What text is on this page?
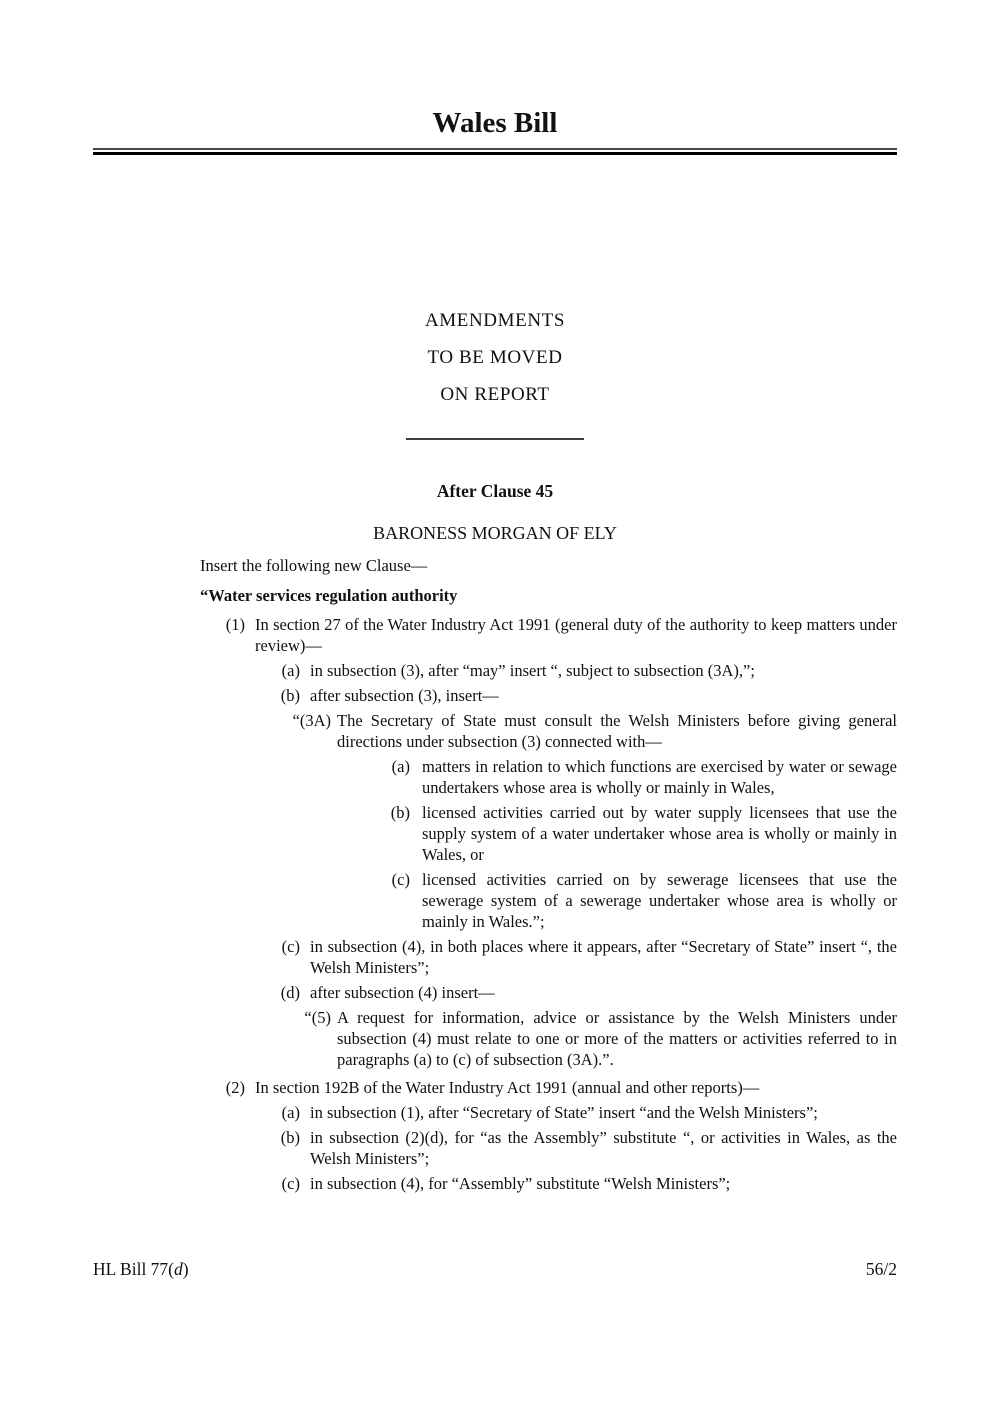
Wales Bill
AMENDMENTS
TO BE MOVED
ON REPORT
After Clause 45
BARONESS MORGAN OF ELY
Insert the following new Clause—
“Water services regulation authority
(1) In section 27 of the Water Industry Act 1991 (general duty of the authority to keep matters under review)—
(a) in subsection (3), after “may” insert “, subject to subsection (3A),”;
(b) after subsection (3), insert—
“(3A) The Secretary of State must consult the Welsh Ministers before giving general directions under subsection (3) connected with—
(a) matters in relation to which functions are exercised by water or sewage undertakers whose area is wholly or mainly in Wales,
(b) licensed activities carried out by water supply licensees that use the supply system of a water undertaker whose area is wholly or mainly in Wales, or
(c) licensed activities carried on by sewerage licensees that use the sewerage system of a sewerage undertaker whose area is wholly or mainly in Wales.”;
(c) in subsection (4), in both places where it appears, after “Secretary of State” insert “, the Welsh Ministers”;
(d) after subsection (4) insert—
“(5) A request for information, advice or assistance by the Welsh Ministers under subsection (4) must relate to one or more of the matters or activities referred to in paragraphs (a) to (c) of subsection (3A).”.
(2) In section 192B of the Water Industry Act 1991 (annual and other reports)—
(a) in subsection (1), after “Secretary of State” insert “and the Welsh Ministers”;
(b) in subsection (2)(d), for “as the Assembly” substitute “, or activities in Wales, as the Welsh Ministers”;
(c) in subsection (4), for “Assembly” substitute “Welsh Ministers”;
HL Bill 77(d)	56/2
